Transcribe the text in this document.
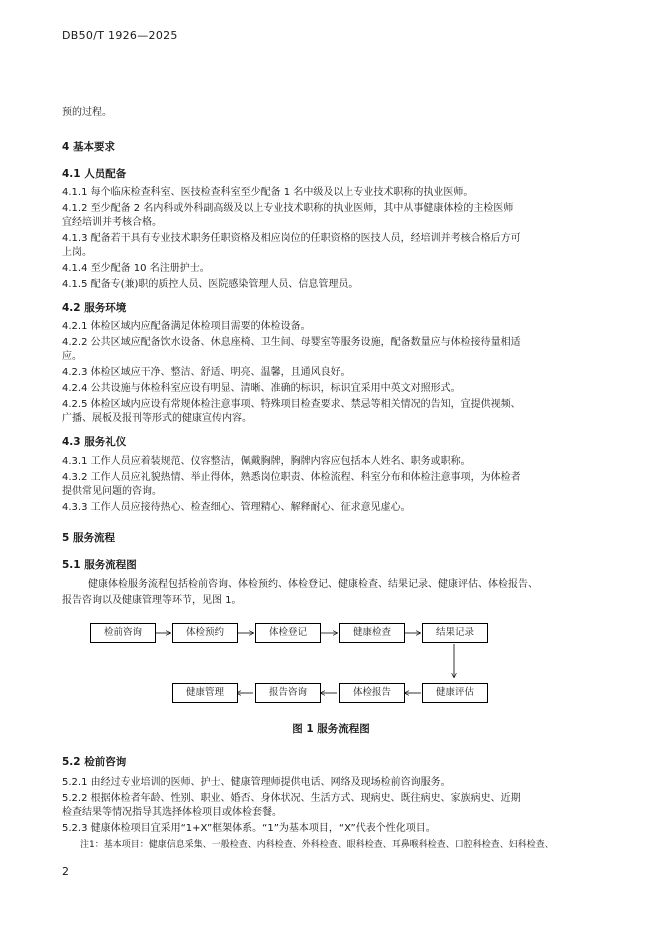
DB50/T 1926—2025
预的过程。
4 基本要求
4.1 人员配备
4.1.1 每个临床检查科室、医技检查科室至少配备 1 名中级及以上专业技术职称的执业医师。
4.1.2 至少配备 2 名内科或外科副高级及以上专业技术职称的执业医师，其中从事健康体检的主检医师
宜经培训并考核合格。
4.1.3 配备若干具有专业技术职务任职资格及相应岗位的任职资格的医技人员，经培训并考核合格后方可
上岗。
4.1.4 至少配备 10 名注册护士。
4.1.5 配备专(兼)职的质控人员、医院感染管理人员、信息管理员。
4.2 服务环境
4.2.1 体检区域内应配备满足体检项目需要的体检设备。
4.2.2 公共区域应配备饮水设备、休息座椅、卫生间、母婴室等服务设施，配备数量应与体检接待量相适
应。
4.2.3 体检区域应干净、整洁、舒适、明亮、温馨，且通风良好。
4.2.4 公共设施与体检科室应设有明显、清晰、准确的标识，标识宜采用中英文对照形式。
4.2.5 体检区域内应设有常规体检注意事项、特殊项目检查要求、禁忌等相关情况的告知，宜提供视频、
广播、展板及报刊等形式的健康宣传内容。
4.3 服务礼仪
4.3.1 工作人员应着装规范、仪容整洁，佩戴胸牌，胸牌内容应包括本人姓名、职务或职称。
4.3.2 工作人员应礼貌热情、举止得体，熟悉岗位职责、体检流程、科室分布和体检注意事项，为体检者
提供常见问题的咨询。
4.3.3 工作人员应接待热心、检查细心、管理精心、解释耐心、征求意见虚心。
5 服务流程
5.1 服务流程图
健康体检服务流程包括检前咨询、体检预约、体检登记、健康检查、结果记录、健康评估、体检报告、
报告咨询以及健康管理等环节，见图 1。
检前咨询	体检预约	体检登记	健康检查	结果记录
健康管理	报告咨询	体检报告	健康评估
图 1 服务流程图
5.2 检前咨询
5.2.1 由经过专业培训的医师、护士、健康管理师提供电话、网络及现场检前咨询服务。
5.2.2 根据体检者年龄、性别、职业、婚否、身体状况、生活方式、现病史、既往病史、家族病史、近期
检查结果等情况指导其选择体检项目或体检套餐。
5.2.3 健康体检项目宜采用“1+X”框架体系。“1”为基本项目，“X”代表个性化项目。
注1：基本项目：健康信息采集、一般检查、内科检查、外科检查、眼科检查、耳鼻喉科检查、口腔科检查、妇科检查、
2
